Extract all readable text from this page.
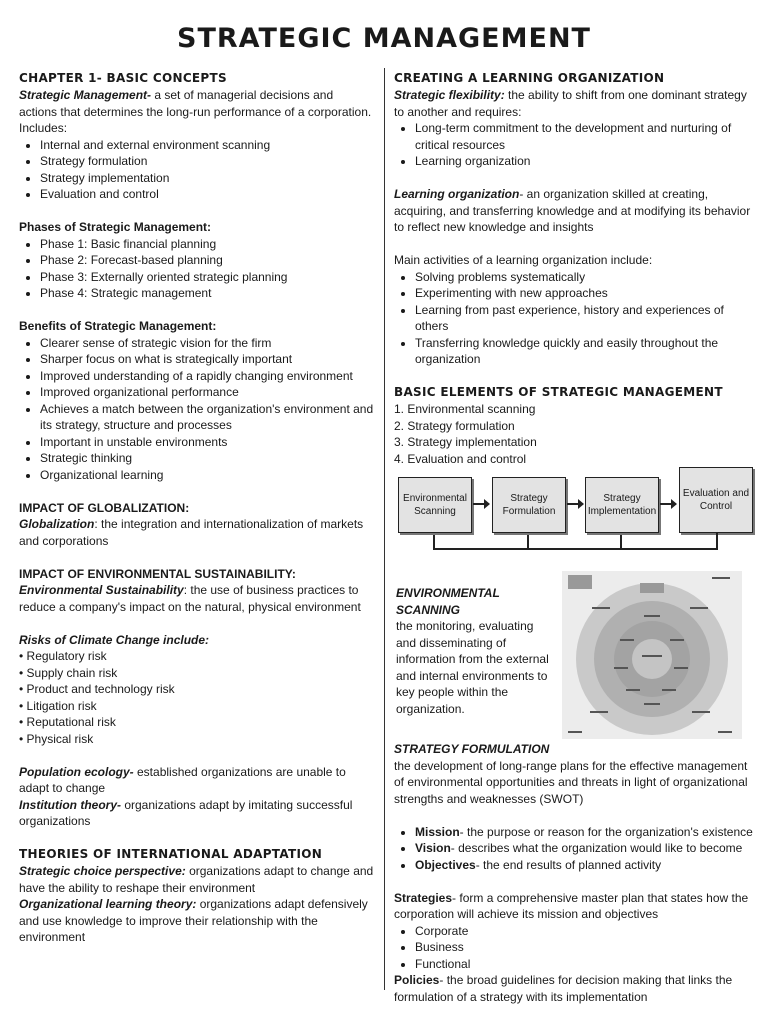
STRATEGIC MANAGEMENT

CHAPTER 1- BASIC CONCEPTS

Strategic Management- a set of managerial decisions and actions that determines the long-run performance of a corporation.

Includes:

• Internal and external environment scanning
• Strategy formulation
• Strategy implementation
• Evaluation and control

Phases of Strategic Management:

• Phase 1: Basic financial planning
• Phase 2: Forecast-based planning
• Phase 3: Externally oriented strategic planning
• Phase 4: Strategic management

Benefits of Strategic Management:

• Clearer sense of strategic vision for the firm
• Sharper focus on what is strategically important
• Improved understanding of a rapidly changing environment
• Improved organizational performance
• Achieves a match between the organization's environment and its strategy, structure and processes
• Important in unstable environments
• Strategic thinking
• Organizational learning

IMPACT OF GLOBALIZATION:

Globalization: the integration and internationalization of markets and corporations

IMPACT OF ENVIRONMENTAL SUSTAINABILITY:

Environmental Sustainability: the use of business practices to reduce a company's impact on the natural, physical environment

Risks of Climate Change include:

• Regulatory risk
• Supply chain risk
• Product and technology risk
• Litigation risk
• Reputational risk
• Physical risk

Population ecology- established organizations are unable to adapt to change

Institution theory- organizations adapt by imitating successful organizations

THEORIES OF INTERNATIONAL ADAPTATION

Strategic choice perspective: organizations adapt to change and have the ability to reshape their environment

Organizational learning theory: organizations adapt defensively and use knowledge to improve their relationship with the environment

CREATING A LEARNING ORGANIZATION

Strategic flexibility: the ability to shift from one dominant strategy to another and requires:

• Long-term commitment to the development and nurturing of critical resources
• Learning organization

Learning organization- an organization skilled at creating, acquiring, and transferring knowledge and at modifying its behavior to reflect new knowledge and insights

Main activities of a learning organization include:

• Solving problems systematically
• Experimenting with new approaches
• Learning from past experience, history and experiences of others
• Transferring knowledge quickly and easily throughout the organization

BASIC ELEMENTS OF STRATEGIC MANAGEMENT

1. Environmental scanning
2. Strategy formulation
3. Strategy implementation
4. Evaluation and control
Environmental Scanning
Strategy Formulation
Strategy Implementation
Evaluation and Control

ENVIRONMENTAL SCANNING

the monitoring, evaluating and disseminating of information from the external and internal environments to key people within the organization.

STRATEGY FORMULATION

the development of long-range plans for the effective management of environmental opportunities and threats in light of organizational strengths and weaknesses (SWOT)

• Mission- the purpose or reason for the organization's existence
• Vision- describes what the organization would like to become
• Objectives- the end results of planned activity

Strategies- form a comprehensive master plan that states how the corporation will achieve its mission and objectives

• Corporate
• Business
• Functional

Policies- the broad guidelines for decision making that links the formulation of a strategy with its implementation
